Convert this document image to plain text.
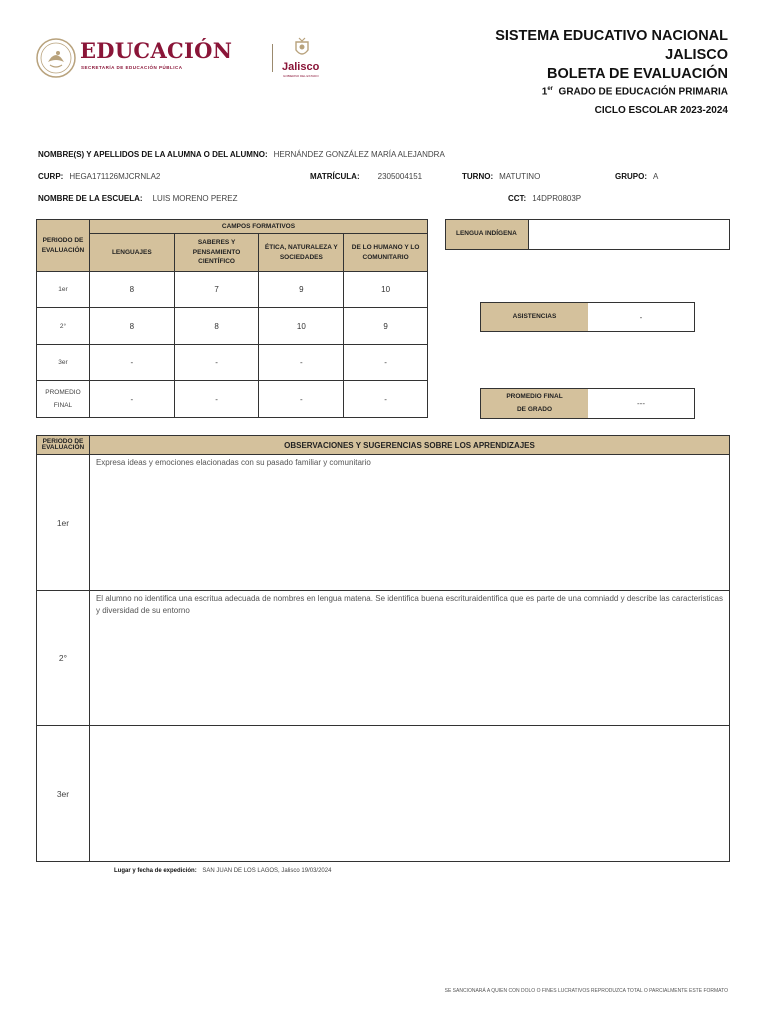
EDUCACIÓN
SECRETARÍA DE EDUCACIÓN PÚBLICA	Jalisco
GOBIERNO DEL ESTADO
SISTEMA EDUCATIVO NACIONAL
JALISCO
BOLETA DE EVALUACIÓN
1er GRADO DE EDUCACIÓN PRIMARIA
CICLO ESCOLAR 2023-2024
NOMBRE(S) Y APELLIDOS DE LA ALUMNA O DEL ALUMNO: HERNÁNDEZ GONZÁLEZ MARÍA ALEJANDRA
CURP: HEGA171126MJCRNLA2	MATRÍCULA: 2305004151	TURNO: MATUTINO	GRUPO: A
NOMBRE DE LA ESCUELA: LUIS MORENO PEREZ	CCT: 14DPR0803P
PERIODO DE EVALUACIÓN	CAMPOS FORMATIVOS			
	LENGUAJES	SABERES Y PENSAMIENTO CIENTÍFICO	ÉTICA, NATURALEZA Y SOCIEDADES	DE LO HUMANO Y LO COMUNITARIO
1er	8	7	9	10
2°	8	8	10	9
3er	-	-	-	-
PROMEDIO FINAL	-	-	-	-
LENGUA INDÍGENA
ASISTENCIAS	-
PROMEDIO FINAL DE GRADO
---
PERIODO DE EVALUACIÓN	OBSERVACIONES Y SUGERENCIAS SOBRE LOS APRENDIZAJES
1er	Expresa ideas y emociones elacionadas con su pasado familiar y comunitario
2°	El alumno no identifica una escritua adecuada de nombres en lengua matena. Se identifica buena escrituraidentifica que es parte de una comniadd y describe las caracteristicas y diversidad de su entorno
3er	
Lugar y fecha de expedición: SAN JUAN DE LOS LAGOS, Jalisco 19/03/2024
SE SANCIONARÁ A QUIEN CON DOLO O FINES LUCRATIVOS REPRODUZCA TOTAL O PARCIALMENTE ESTE FORMATO
